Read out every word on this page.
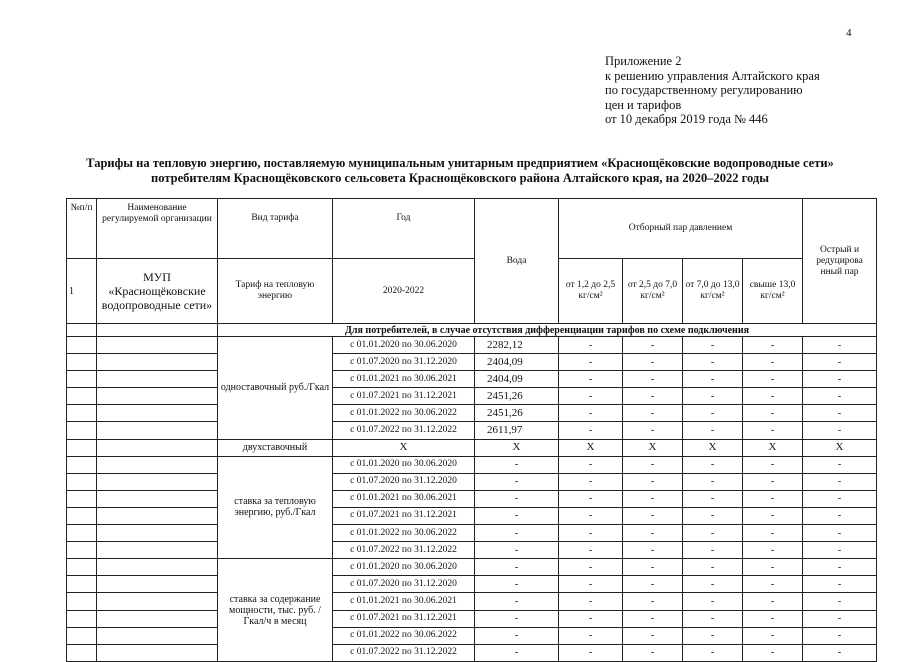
4
Приложение 2
к решению управления Алтайского края
по государственному регулированию
цен и тарифов
от 10 декабря 2019 года № 446
Тарифы на тепловую энергию, поставляемую муниципальным унитарным предприятием «Краснощёковские водопроводные сети»
потребителям Краснощёковского сельсовета Краснощёковского района Алтайского края, на 2020–2022 годы
№п/п	Наименование регулируемой организации	Вид тарифа	Год	Вода	Отборный пар давлением				Острый и редуцирова нный пар
1	МУП «Краснощёковские водопроводные сети»	Тариф на тепловую энергию	2020-2022		от 1,2 до 2,5 кг/см²	от 2,5 до 7,0 кг/см²	от 7,0 до 13,0 кг/см²	свыше 13,0 кг/см²	

		Для потребителей, в случае отсутствия дифференциации тарифов по схеме подключения							
		одноставочный руб./Гкал	с 01.01.2020 по 30.06.2020	2282,12	-	-	-	-	-
			с 01.07.2020 по 31.12.2020	2404,09	-	-	-	-	-
			с 01.01.2021 по 30.06.2021	2404,09	-	-	-	-	-
			с 01.07.2021 по 31.12.2021	2451,26	-	-	-	-	-
			с 01.01.2022 по 30.06.2022	2451,26	-	-	-	-	-
			с 01.07.2022 по 31.12.2022	2611,97	-	-	-	-	-
		двухставочный	X	X	X	X	X	X	X
		ставка за тепловую энергию, руб./Гкал	с 01.01.2020 по 30.06.2020	-	-	-	-	-	-
			с 01.07.2020 по 31.12.2020	-	-	-	-	-	-
			с 01.01.2021 по 30.06.2021	-	-	-	-	-	-
			с 01.07.2021 по 31.12.2021	-	-	-	-	-	-
			с 01.01.2022 по 30.06.2022	-	-	-	-	-	-
			с 01.07.2022 по 31.12.2022	-	-	-	-	-	-
		ставка за содержание мощности, тыс. руб. /Гкал/ч в месяц	с 01.01.2020 по 30.06.2020	-	-	-	-	-	-
			с 01.07.2020 по 31.12.2020	-	-	-	-	-	-
			с 01.01.2021 по 30.06.2021	-	-	-	-	-	-
			с 01.07.2021 по 31.12.2021	-	-	-	-	-	-
			с 01.01.2022 по 30.06.2022	-	-	-	-	-	-
			с 01.07.2022 по 31.12.2022	-	-	-	-	-	-
